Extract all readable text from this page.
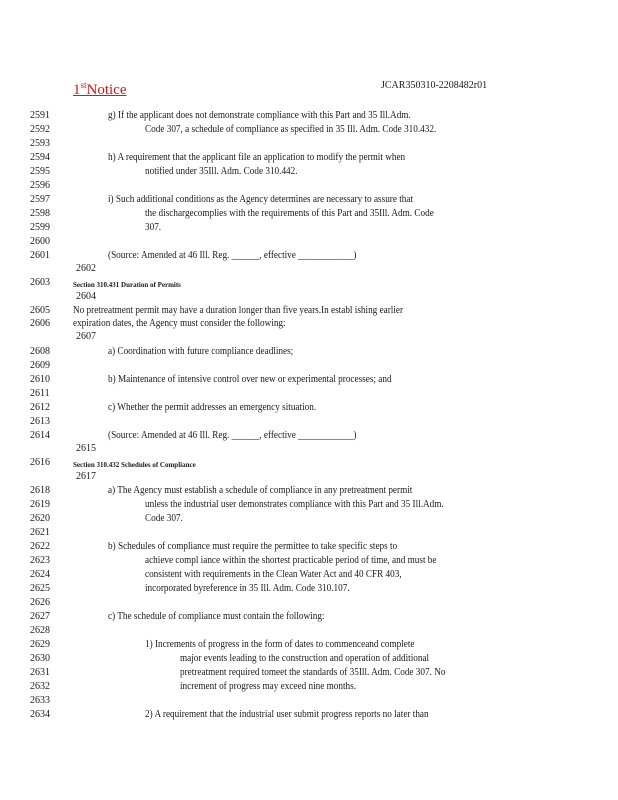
1stNotice	JCAR350310-2208482r01
2591	g) If the applicant does not demonstrate compliance with this Part and 35 Ill.Adm.
2592	Code 307, a schedule of compliance as specified in 35 Ill. Adm. Code 310.432.
2593
2594	h) A requirement that the applicant file an application to modify the permit when
2595	notified under 35Ill. Adm. Code 310.442.
2596
2597	i) Such additional conditions as the Agency determines are necessary to assure that
2598	the dischargecomplies with the requirements of this Part and 35Ill. Adm. Code
2599	307.
2600
2601	(Source: Amended at 46 Ill. Reg. ______, effective ____________)
2602
2603	Section 310.431 Duration of Permits
2604
2605 No pretreatment permit may have a duration longer than five years.In establ ishing earlier
2606 expiration dates, the Agency must consider the following:
2607
2608	a) Coordination with future compliance deadlines;
2609
2610	b) Maintenance of intensive control over new or experimental processes; and
2611
2612	c) Whether the permit addresses an emergency situation.
2613
2614	(Source: Amended at 46 Ill. Reg. ______, effective ____________)
2615
2616	Section 310.432 Schedules of Compliance
2617
2618	a) The Agency must establish a schedule of compliance in any pretreatment permit
2619	unless the industrial user demonstrates compliance with this Part and 35 Ill.Adm.
2620	Code 307.
2621
2622	b) Schedules of compliance must require the permittee to take specific steps to
2623	achieve compl iance within the shortest practicable period of time, and must be
2624	consistent with requirements in the Clean Water Act and 40 CFR 403,
2625	incorporated byreference in 35 Ill. Adm. Code 310.107.
2626
2627	c) The schedule of compliance must contain the following:
2628
2629	1) Increments of progress in the form of dates to commenceand complete
2630	major events leading to the construction and operation of additional
2631	pretreatment required tomeet the standards of 35Ill. Adm. Code 307. No
2632	increment of progress may exceed nine months.
2633
2634	2) A requirement that the industrial user submit progress reports no later than
